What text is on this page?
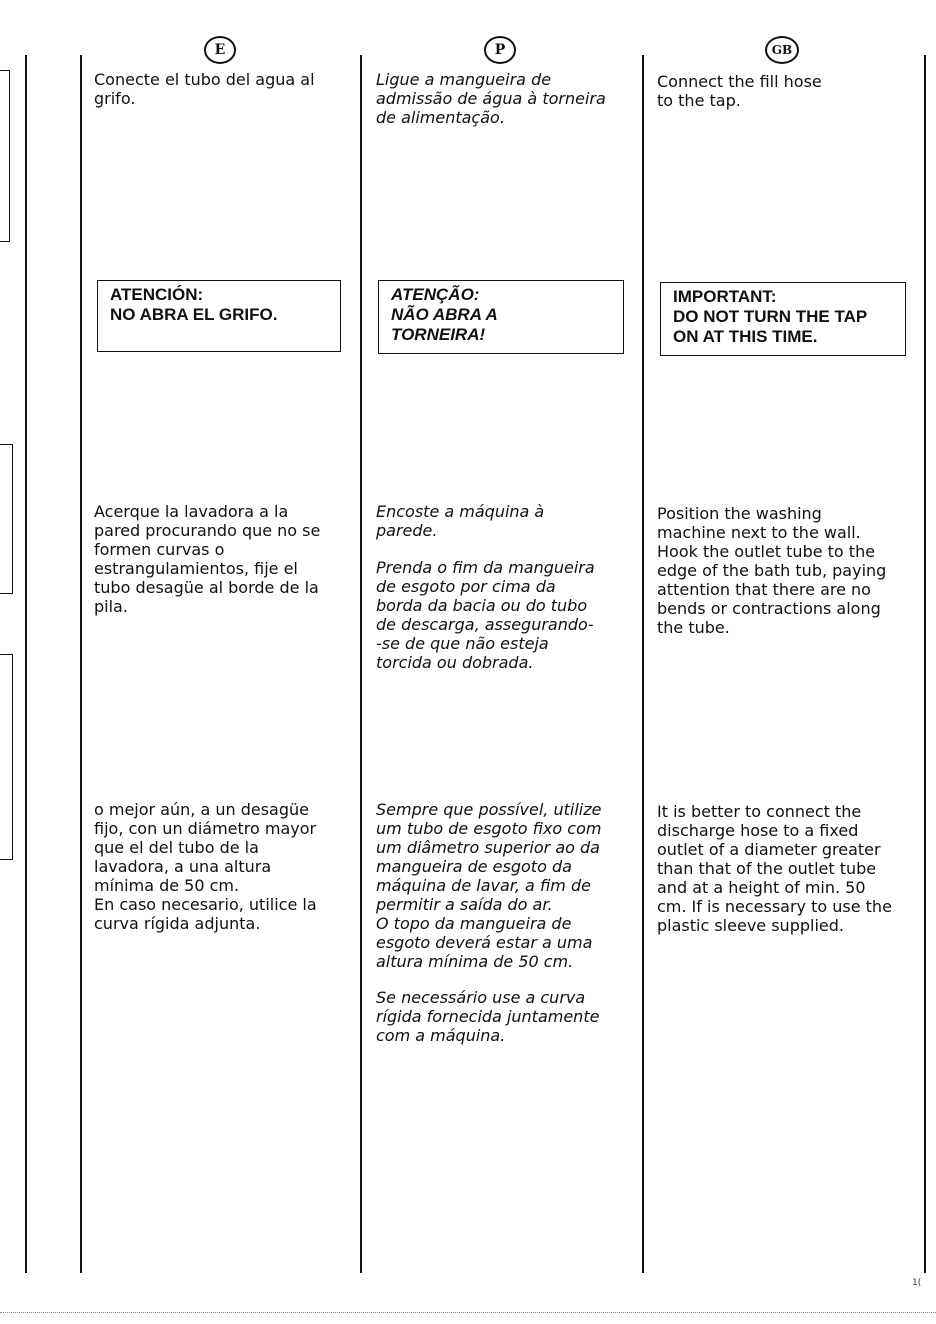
E

Conecte el tubo del agua al
grifo.

ATENCIÓN:
NO ABRA EL GRIFO.

Acerque la lavadora a la
pared procurando que no se
formen curvas o
estrangulamientos, fije el
tubo desagüe al borde de la
pila.

o mejor aún, a un desagüe
fijo, con un diámetro mayor
que el del tubo de la
lavadora, a una altura
mínima de 50 cm.
En caso necesario, utilice la
curva rígida adjunta.

P

Ligue a mangueira de
admissão de água à torneira
de alimentação.

ATENÇÃO:
NÃO ABRA A
TORNEIRA!

Encoste a máquina à
parede.

Prenda o fim da mangueira
de esgoto por cima da
borda da bacia ou do tubo
de descarga, assegurando-
-se de que não esteja
torcida ou dobrada.

Sempre que possível, utilize
um tubo de esgoto fixo com
um diâmetro superior ao da
mangueira de esgoto da
máquina de lavar, a fim de
permitir a saída do ar.
O topo da mangueira de
esgoto deverá estar a uma
altura mínima de 50 cm.

Se necessário use a curva
rígida fornecida juntamente
com a máquina.

GB

Connect the fill hose
to the tap.

IMPORTANT:
DO NOT TURN THE TAP
ON AT THIS TIME.

Position the washing
machine next to the wall.
Hook the outlet tube to the
edge of the bath tub, paying
attention that there are no
bends or contractions along
the tube.

It is better to connect the
discharge hose to a fixed
outlet of a diameter greater
than that of the outlet tube
and at a height of min. 50
cm. If is necessary to use the
plastic sleeve supplied.

1(
